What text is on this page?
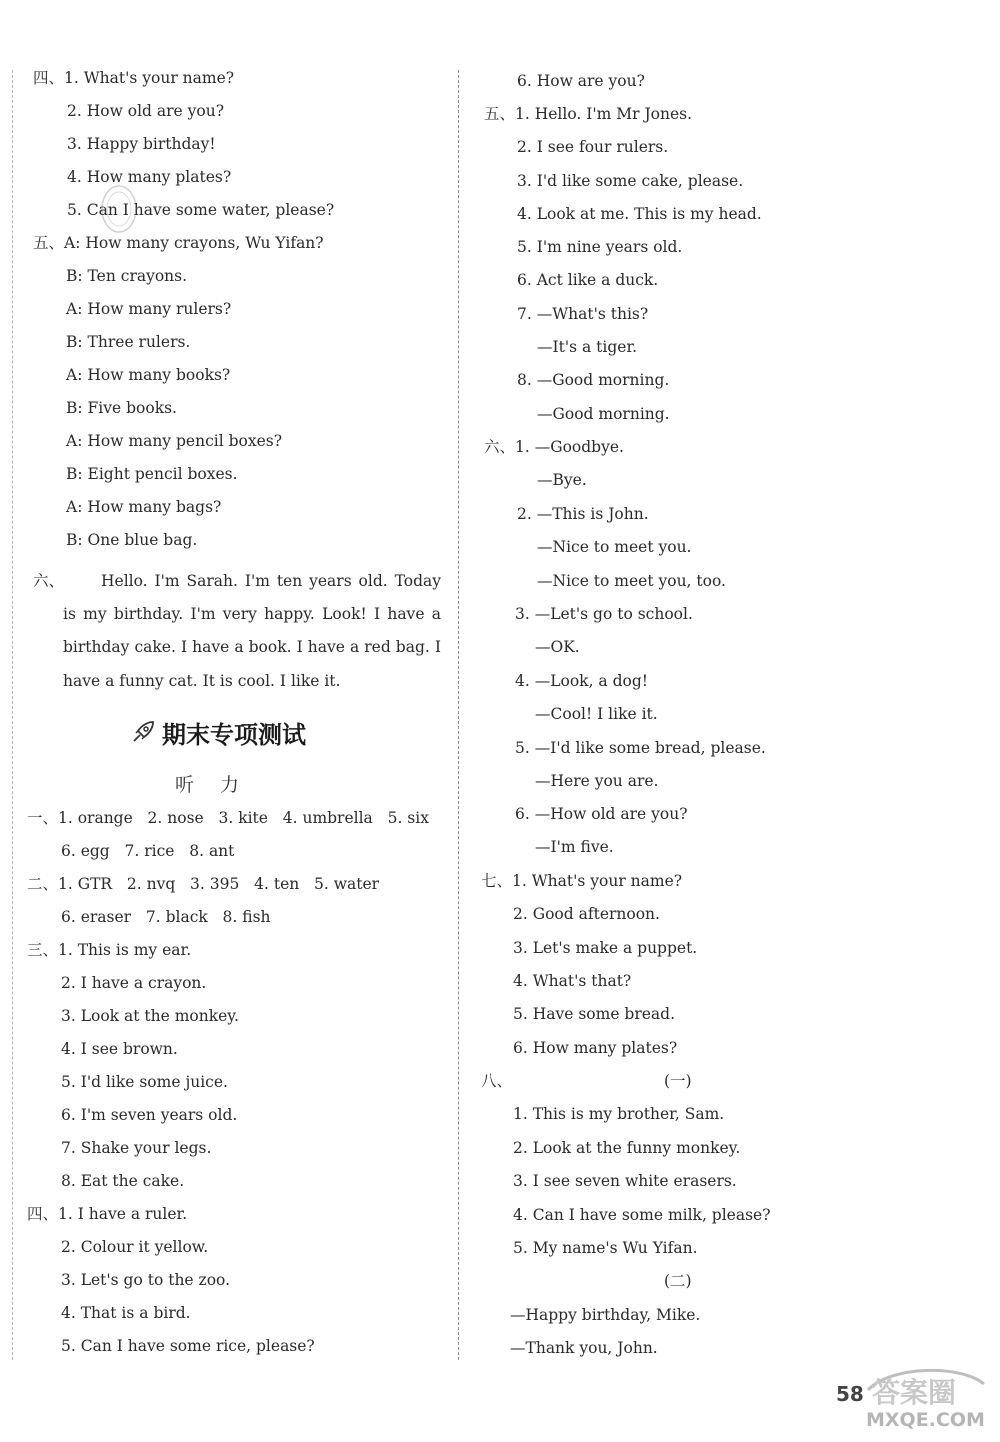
四、1. What's your name?
2. How old are you?
3. Happy birthday!
4. How many plates?
5. Can I have some water, please?
五、A: How many crayons, Wu Yifan?
B: Ten crayons.
A: How many rulers?
B: Three rulers.
A: How many books?
B: Five books.
A: How many pencil boxes?
B: Eight pencil boxes.
A: How many bags?
B: One blue bag.
六、 Hello. I'm Sarah. I'm ten years old. Today is my birthday. I'm very happy. Look! I have a birthday cake. I have a book. I have a red bag. I have a funny cat. It is cool. I like it.
期末专项测试
听力
一、1. orange   2. nose   3. kite   4. umbrella   5. six
6. egg   7. rice   8. ant
二、1. GTR   2. nvq   3. 395   4. ten   5. water
6. eraser   7. black   8. fish
三、1. This is my ear.
2. I have a crayon.
3. Look at the monkey.
4. I see brown.
5. I'd like some juice.
6. I'm seven years old.
7. Shake your legs.
8. Eat the cake.
四、1. I have a ruler.
2. Colour it yellow.
3. Let's go to the zoo.
4. That is a bird.
5. Can I have some rice, please?
6. How are you?
五、1. Hello. I'm Mr Jones.
2. I see four rulers.
3. I'd like some cake, please.
4. Look at me. This is my head.
5. I'm nine years old.
6. Act like a duck.
7. —What's this?
—It's a tiger.
8. —Good morning.
—Good morning.
六、1. —Goodbye.
—Bye.
2. —This is John.
—Nice to meet you.
—Nice to meet you, too.
3. —Let's go to school.
—OK.
4. —Look, a dog!
—Cool! I like it.
5. —I'd like some bread, please.
—Here you are.
6. —How old are you?
—I'm five.
七、1. What's your name?
2. Good afternoon.
3. Let's make a puppet.
4. What's that?
5. Have some bread.
6. How many plates?
八、	(一)
1. This is my brother, Sam.
2. Look at the funny monkey.
3. I see seven white erasers.
4. Can I have some milk, please?
5. My name's Wu Yifan.
(二)
—Happy birthday, Mike.
—Thank you, John.
58 答案圈
MXQE.COM
